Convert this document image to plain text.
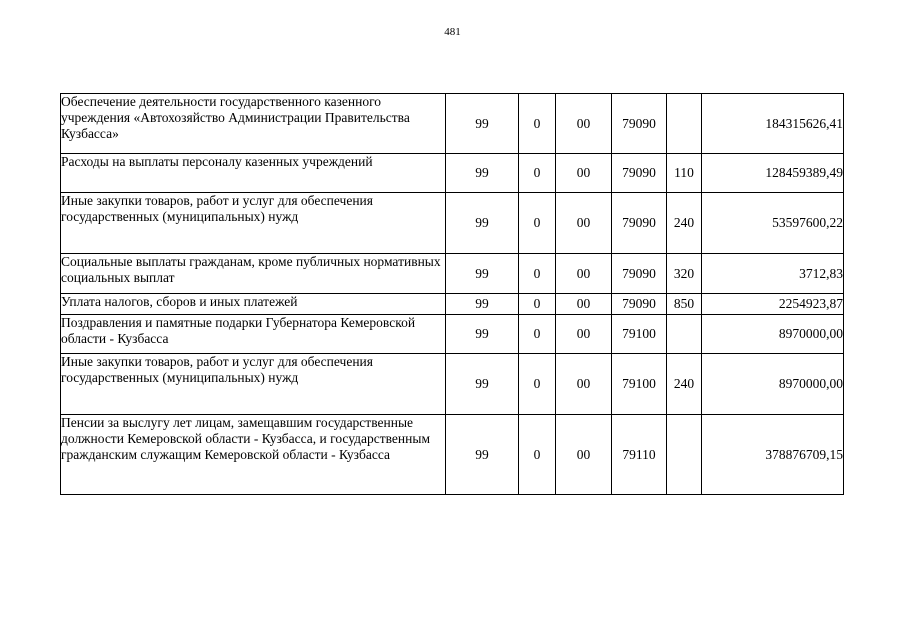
481
Обеспечение деятельности государственного казенного учреждения «Автохозяйство Администрации Правительства Кузбасса»	99	0	00	79090		184315626,41
Расходы на выплаты персоналу казенных учреждений	99	0	00	79090	110	128459389,49
Иные закупки товаров, работ и услуг для обеспечения государственных (муниципальных) нужд	99	0	00	79090	240	53597600,22
Социальные выплаты гражданам, кроме публичных нормативных социальных выплат	99	0	00	79090	320	3712,83
Уплата налогов, сборов и иных платежей	99	0	00	79090	850	2254923,87
Поздравления и памятные подарки Губернатора Кемеровской области - Кузбасса	99	0	00	79100		8970000,00
Иные закупки товаров, работ и услуг для обеспечения государственных (муниципальных) нужд	99	0	00	79100	240	8970000,00
Пенсии за выслугу лет лицам, замещавшим государственные должности Кемеровской области - Кузбасса, и государственным гражданским служащим Кемеровской области - Кузбасса	99	0	00	79110		378876709,15
